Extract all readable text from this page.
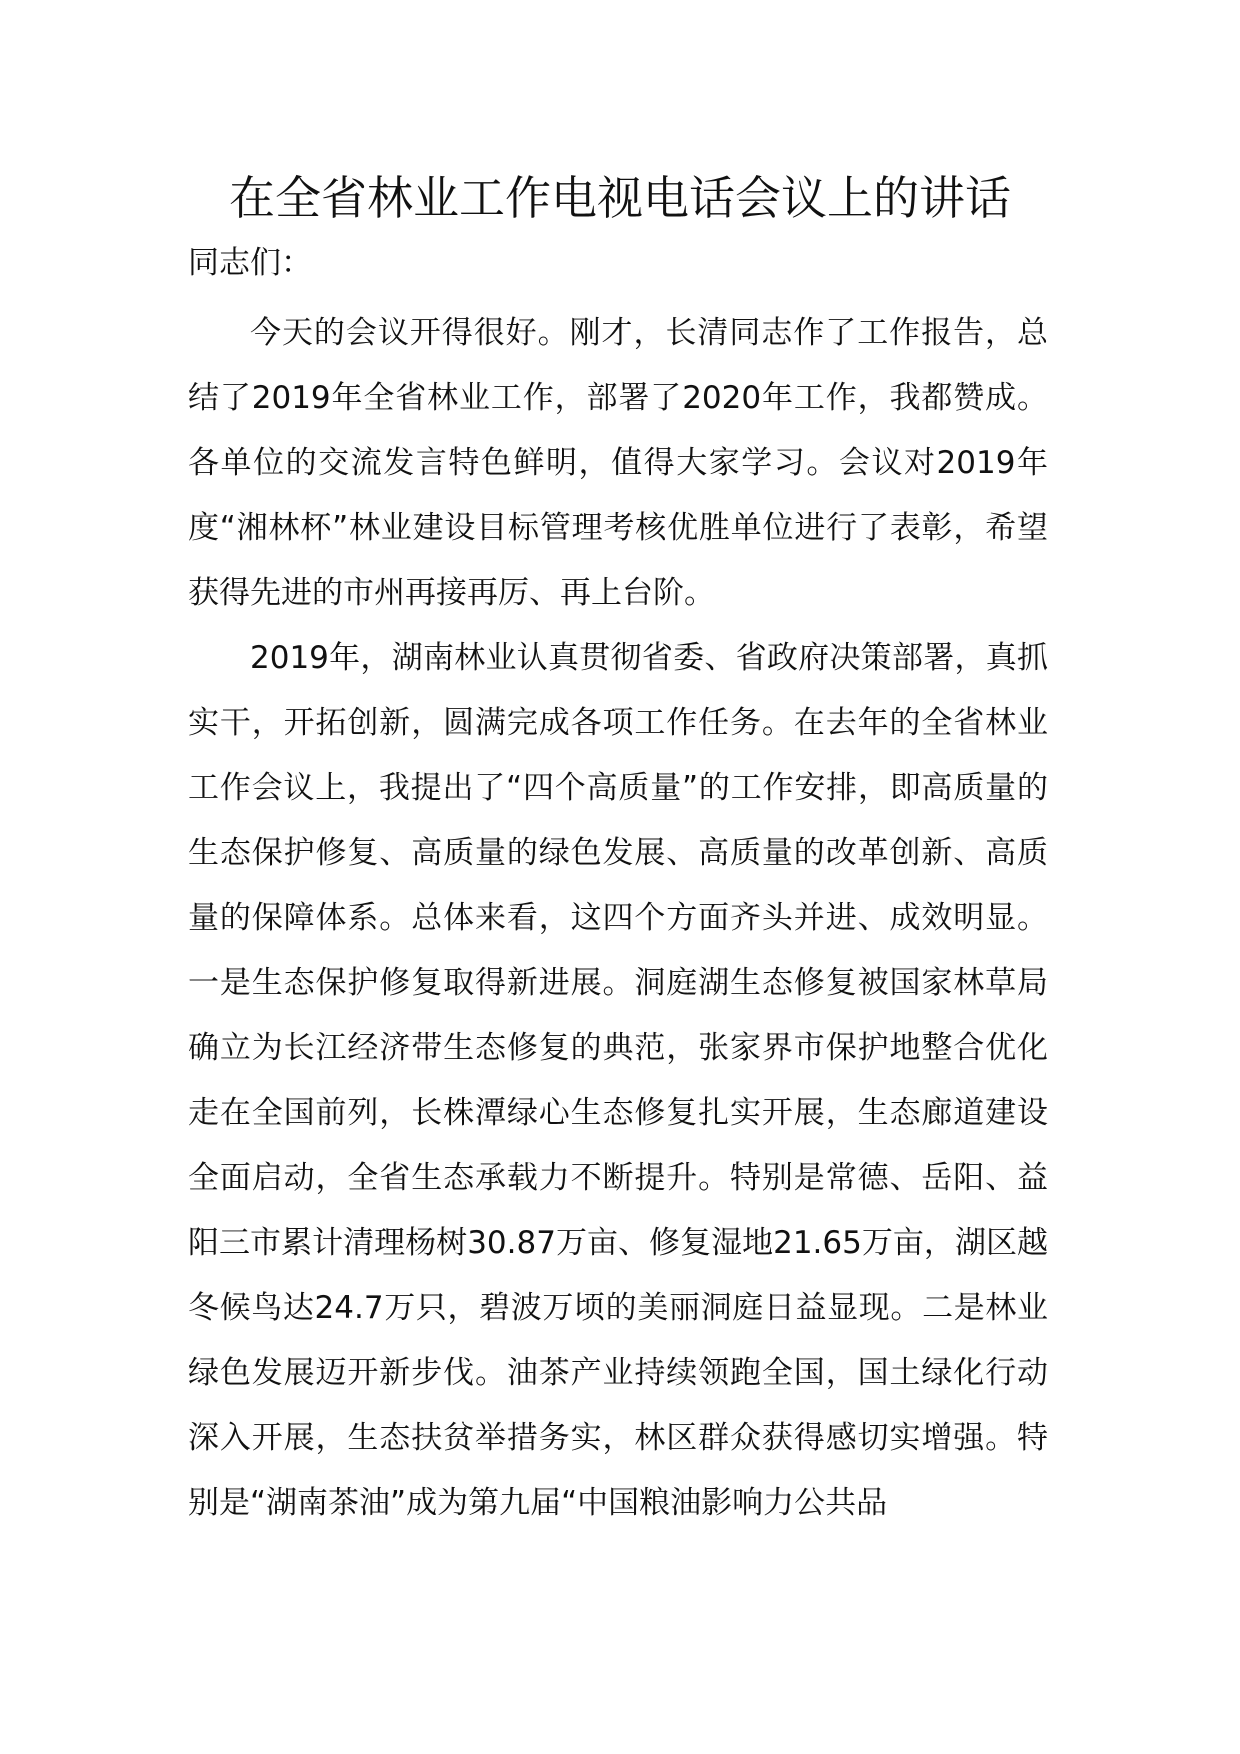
在全省林业工作电视电话会议上的讲话

同志们：

今天的会议开得很好。刚才，长清同志作了工作报告，总结了2019年全省林业工作，部署了2020年工作，我都赞成。各单位的交流发言特色鲜明，值得大家学习。会议对2019年度“湘林杯”林业建设目标管理考核优胜单位进行了表彰，希望获得先进的市州再接再厉、再上台阶。

2019年，湖南林业认真贯彻省委、省政府决策部署，真抓实干，开拓创新，圆满完成各项工作任务。在去年的全省林业工作会议上，我提出了“四个高质量”的工作安排，即高质量的生态保护修复、高质量的绿色发展、高质量的改革创新、高质量的保障体系。总体来看，这四个方面齐头并进、成效明显。一是生态保护修复取得新进展。洞庭湖生态修复被国家林草局确立为长江经济带生态修复的典范，张家界市保护地整合优化走在全国前列，长株潭绿心生态修复扎实开展，生态廊道建设全面启动，全省生态承载力不断提升。特别是常德、岳阳、益阳三市累计清理杨树30.87万亩、修复湿地21.65万亩，湖区越冬候鸟达24.7万只，碧波万顷的美丽洞庭日益显现。二是林业绿色发展迈开新步伐。油茶产业持续领跑全国，国土绿化行动深入开展，生态扶贫举措务实，林区群众获得感切实增强。特别是“湖南茶油”成为第九届“中国粮油影响力公共品
